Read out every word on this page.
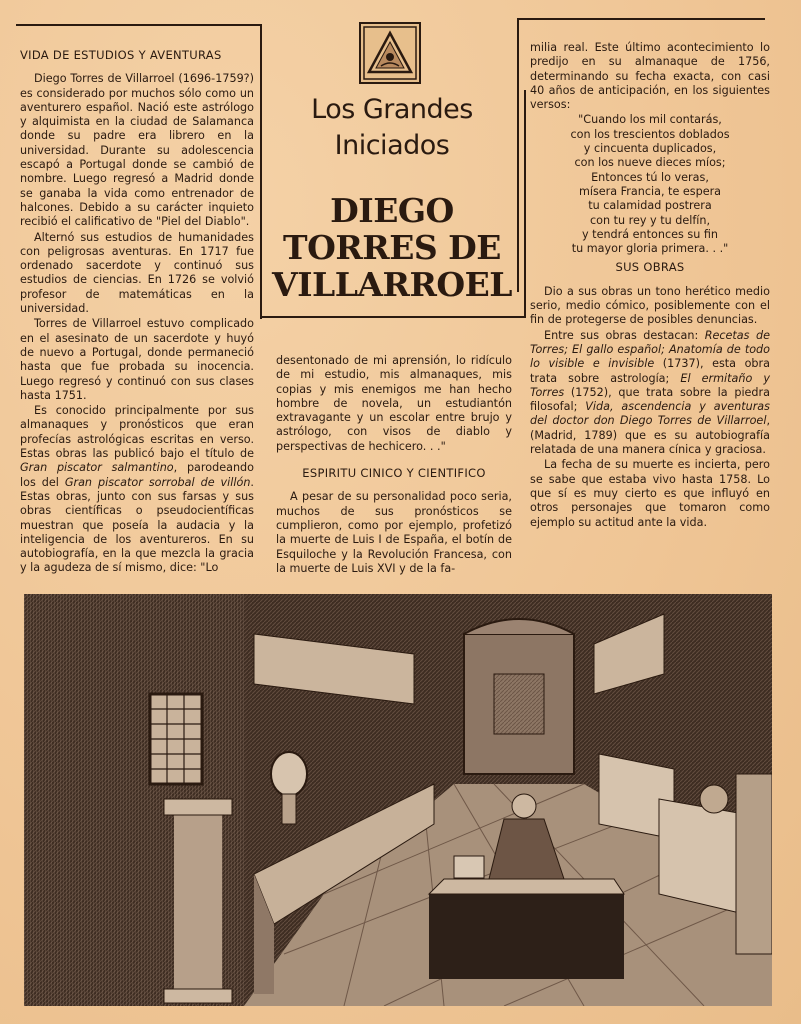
Los Grandes
Iniciados
DIEGO
TORRES DE
VILLARROEL

VIDA DE ESTUDIOS Y AVENTURAS

Diego Torres de Villarroel (1696-1759?) es considerado por muchos sólo como un aventurero español. Nació este astrólogo y alquimista en la ciudad de Salamanca donde su padre era librero en la universidad. Durante su adolescencia escapó a Portugal donde se cambió de nombre. Luego regresó a Madrid donde se ganaba la vida como entrenador de halcones. Debido a su carácter inquieto recibió el calificativo de "Piel del Diablo".

Alternó sus estudios de humanidades con peligrosas aventuras. En 1717 fue ordenado sacerdote y continuó sus estudios de ciencias. En 1726 se volvió profesor de matemáticas en la universidad.

Torres de Villarroel estuvo complicado en el asesinato de un sacerdote y huyó de nuevo a Portugal, donde permaneció hasta que fue probada su inocencia. Luego regresó y continuó con sus clases hasta 1751.

Es conocido principalmente por sus almanaques y pronósticos que eran profecías astrológicas escritas en verso. Estas obras las publicó bajo el título de Gran piscator salmantino, parodeando los del Gran piscator sorrobal de villón. Estas obras, junto con sus farsas y sus obras científicas o pseudocientíficas muestran que poseía la audacia y la inteligencia de los aventureros. En su autobiografía, en la que mezcla la gracia y la agudeza de sí mismo, dice: "Lo

desentonado de mi aprensión, lo ridículo de mi estudio, mis almanaques, mis copias y mis enemigos me han hecho hombre de novela, un estudiantón extravagante y un escolar entre brujo y astrólogo, con visos de diablo y perspectivas de hechicero. . ."

ESPIRITU CINICO Y CIENTIFICO

A pesar de su personalidad poco seria, muchos de sus pronósticos se cumplieron, como por ejemplo, profetizó la muerte de Luis I de España, el botín de Esquiloche y la Revolución Francesa, con la muerte de Luis XVI y de la fa-

milia real. Este último acontecimiento lo predijo en su almanaque de 1756, determinando su fecha exacta, con casi 40 años de anticipación, en los siguientes versos:

"Cuando los mil contarás,
con los trescientos doblados
y cincuenta duplicados,
con los nueve dieces míos;
Entonces tú lo veras,
mísera Francia, te espera
tu calamidad postrera
con tu rey y tu delfín,
y tendrá entonces su fin
tu mayor gloria primera. . ."

SUS OBRAS

Dio a sus obras un tono herético medio serio, medio cómico, posiblemente con el fin de protegerse de posibles denuncias.

Entre sus obras destacan: Recetas de Torres; El gallo español; Anatomía de todo lo visible e invisible (1737), esta obra trata sobre astrología; El ermitaño y Torres (1752), que trata sobre la piedra filosofal; Vida, ascendencia y aventuras del doctor don Diego Torres de Villarroel, (Madrid, 1789) que es su autobiografía relatada de una manera cínica y graciosa.

La fecha de su muerte es incierta, pero se sabe que estaba vivo hasta 1758. Lo que sí es muy cierto es que influyó en otros personajes que tomaron como ejemplo su actitud ante la vida.
